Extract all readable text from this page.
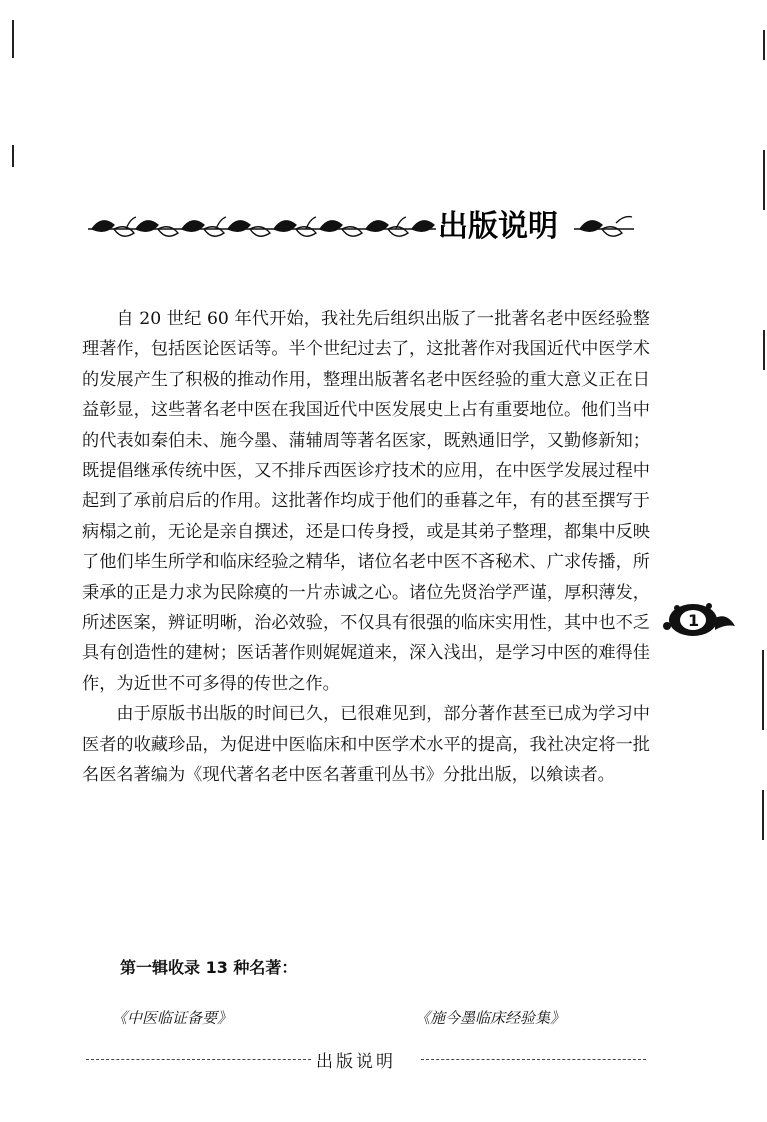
出版说明

自 20 世纪 60 年代开始，我社先后组织出版了一批著名老中医经验整理著作，包括医论医话等。半个世纪过去了，这批著作对我国近代中医学术的发展产生了积极的推动作用，整理出版著名老中医经验的重大意义正在日益彰显，这些著名老中医在我国近代中医发展史上占有重要地位。他们当中的代表如秦伯未、施今墨、蒲辅周等著名医家，既熟通旧学，又勤修新知；既提倡继承传统中医，又不排斥西医诊疗技术的应用，在中医学发展过程中起到了承前启后的作用。这批著作均成于他们的垂暮之年，有的甚至撰写于病榻之前，无论是亲自撰述，还是口传身授，或是其弟子整理，都集中反映了他们毕生所学和临床经验之精华，诸位名老中医不吝秘术、广求传播，所秉承的正是力求为民除瘼的一片赤诚之心。诸位先贤治学严谨，厚积薄发，所述医案，辨证明晰，治必效验，不仅具有很强的临床实用性，其中也不乏具有创造性的建树；医话著作则娓娓道来，深入浅出，是学习中医的难得佳作，为近世不可多得的传世之作。

由于原版书出版的时间已久，已很难见到，部分著作甚至已成为学习中医者的收藏珍品，为促进中医临床和中医学术水平的提高，我社决定将一批名医名著编为《现代著名老中医名著重刊丛书》分批出版，以飨读者。

1
第一辑收录 13 种名著：
《中医临证备要》	《施今墨临床经验集》
出版说明
